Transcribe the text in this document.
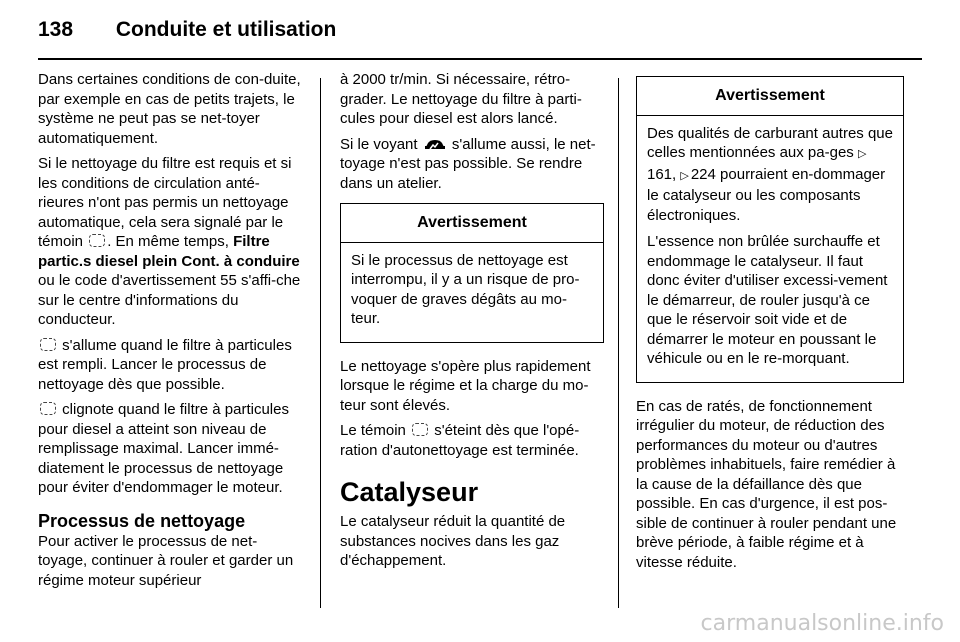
138 Conduite et utilisation

Dans certaines conditions de con-duite, par exemple en cas de petits trajets, le système ne peut pas se net-toyer automatiquement.

Si le nettoyage du filtre est requis et si les conditions de circulation anté-rieures n'ont pas permis un nettoyage automatique, cela sera signalé par le témoin . En même temps, Filtre partic.s diesel plein Cont. à conduire ou le code d'avertissement 55 s'affi-che sur le centre d'informations du conducteur.

s'allume quand le filtre à particules est rempli. Lancer le processus de nettoyage dès que possible.

clignote quand le filtre à particules pour diesel a atteint son niveau de remplissage maximal. Lancer immé-diatement le processus de nettoyage pour éviter d'endommager le moteur.

Processus de nettoyage

Pour activer le processus de net-toyage, continuer à rouler et garder un régime moteur supérieur

à 2000 tr/min. Si nécessaire, rétro-grader. Le nettoyage du filtre à parti-cules pour diesel est alors lancé.

Si le voyant s'allume aussi, le net-toyage n'est pas possible. Se rendre dans un atelier.

Avertissement

Si le processus de nettoyage est interrompu, il y a un risque de pro-voquer de graves dégâts au mo-teur.

Le nettoyage s'opère plus rapidement lorsque le régime et la charge du mo-teur sont élevés.

Le témoin s'éteint dès que l'opé-ration d'autonettoyage est terminée.

Catalyseur

Le catalyseur réduit la quantité de substances nocives dans les gaz d'échappement.

Avertissement

Des qualités de carburant autres que celles mentionnées aux pa-ges ▷161, ▷ 224 pourraient en-dommager le catalyseur ou les composants électroniques.

L'essence non brûlée surchauffe et endommage le catalyseur. Il faut donc éviter d'utiliser excessi-vement le démarreur, de rouler jusqu'à ce que le réservoir soit vide et de démarrer le moteur en poussant le véhicule ou en le re-morquant.

En cas de ratés, de fonctionnement irrégulier du moteur, de réduction des performances du moteur ou d'autres problèmes inhabituels, faire remédier à la cause de la défaillance dès que possible. En cas d'urgence, il est pos-sible de continuer à rouler pendant une brève période, à faible régime et à vitesse réduite.

carmanualsonline.info
